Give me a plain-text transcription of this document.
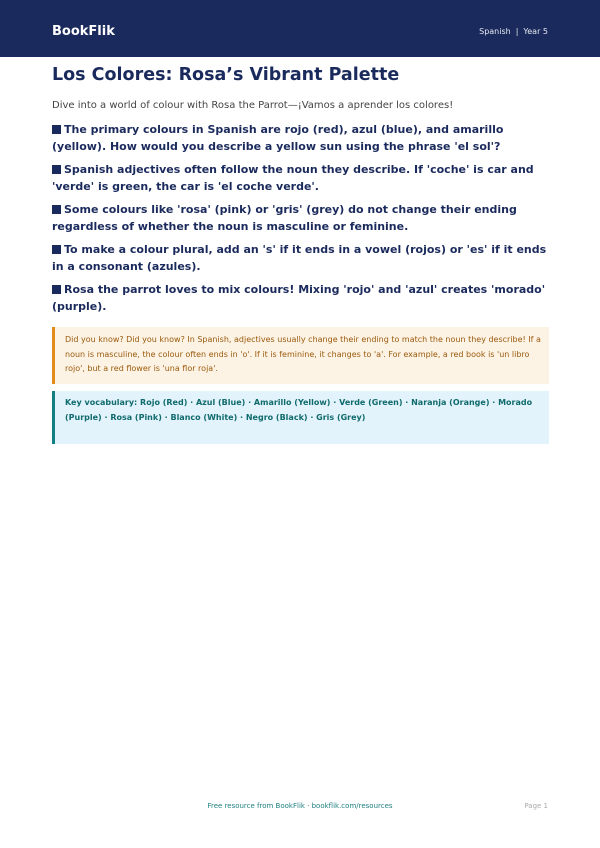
BookFlik	Spanish | Year 5
Los Colores: Rosa’s Vibrant Palette

Dive into a world of colour with Rosa the Parrot—¡Vamos a aprender los colores!

The primary colours in Spanish are rojo (red), azul (blue), and amarillo (yellow). How would you describe a yellow sun using the phrase 'el sol'?
Spanish adjectives often follow the noun they describe. If 'coche' is car and 'verde' is green, the car is 'el coche verde'.
Some colours like 'rosa' (pink) or 'gris' (grey) do not change their ending regardless of whether the noun is masculine or feminine.
To make a colour plural, add an 's' if it ends in a vowel (rojos) or 'es' if it ends in a consonant (azules).
Rosa the parrot loves to mix colours! Mixing 'rojo' and 'azul' creates 'morado' (purple).
Did you know? Did you know? In Spanish, adjectives usually change their ending to match the noun they describe! If a noun is masculine, the colour often ends in 'o'. If it is feminine, it changes to 'a'. For example, a red book is 'un libro rojo', but a red flower is 'una flor roja'.
Key vocabulary: Rojo (Red) · Azul (Blue) · Amarillo (Yellow) · Verde (Green) · Naranja (Orange) · Morado (Purple) · Rosa (Pink) · Blanco (White) · Negro (Black) · Gris (Grey)
Free resource from BookFlik · bookflik.com/resources	Page 1
